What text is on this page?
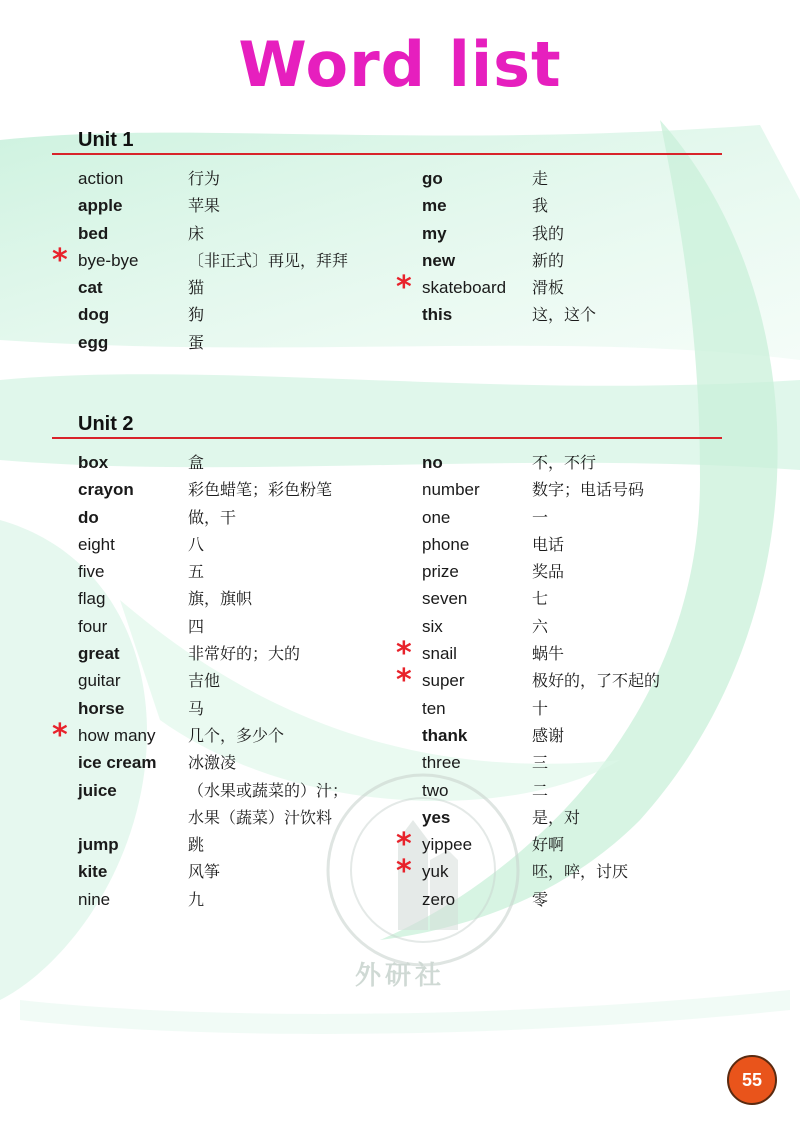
外研社
Word list
Unit 1
action	行为
apple	苹果
bed	床
* bye-bye	〔非正式〕再见，拜拜
cat	猫
dog	狗
egg	蛋
go	走
me	我
my	我的
new	新的
* skateboard 滑板
this	这，这个
Unit 2
box	盒
crayon	彩色蜡笔；彩色粉笔
do	做，干
eight	八
five	五
flag	旗，旗帜
four	四
great	非常好的；大的
guitar	吉他
horse	马
* how many 几个，多少个
ice cream 冰激凌
juice	（水果或蔬菜的）汁；
水果（蔬菜）汁饮料
jump	跳
kite	风筝
nine	九
no	不，不行
number	数字；电话号码
one	一
phone	电话
prize	奖品
seven	七
six	六
* snail	蜗牛
* super	极好的，了不起的
ten	十
thank	感谢
three	三
two	二
yes	是，对
* yippee	好啊
* yuk	呸，啐，讨厌
zero	零
55
